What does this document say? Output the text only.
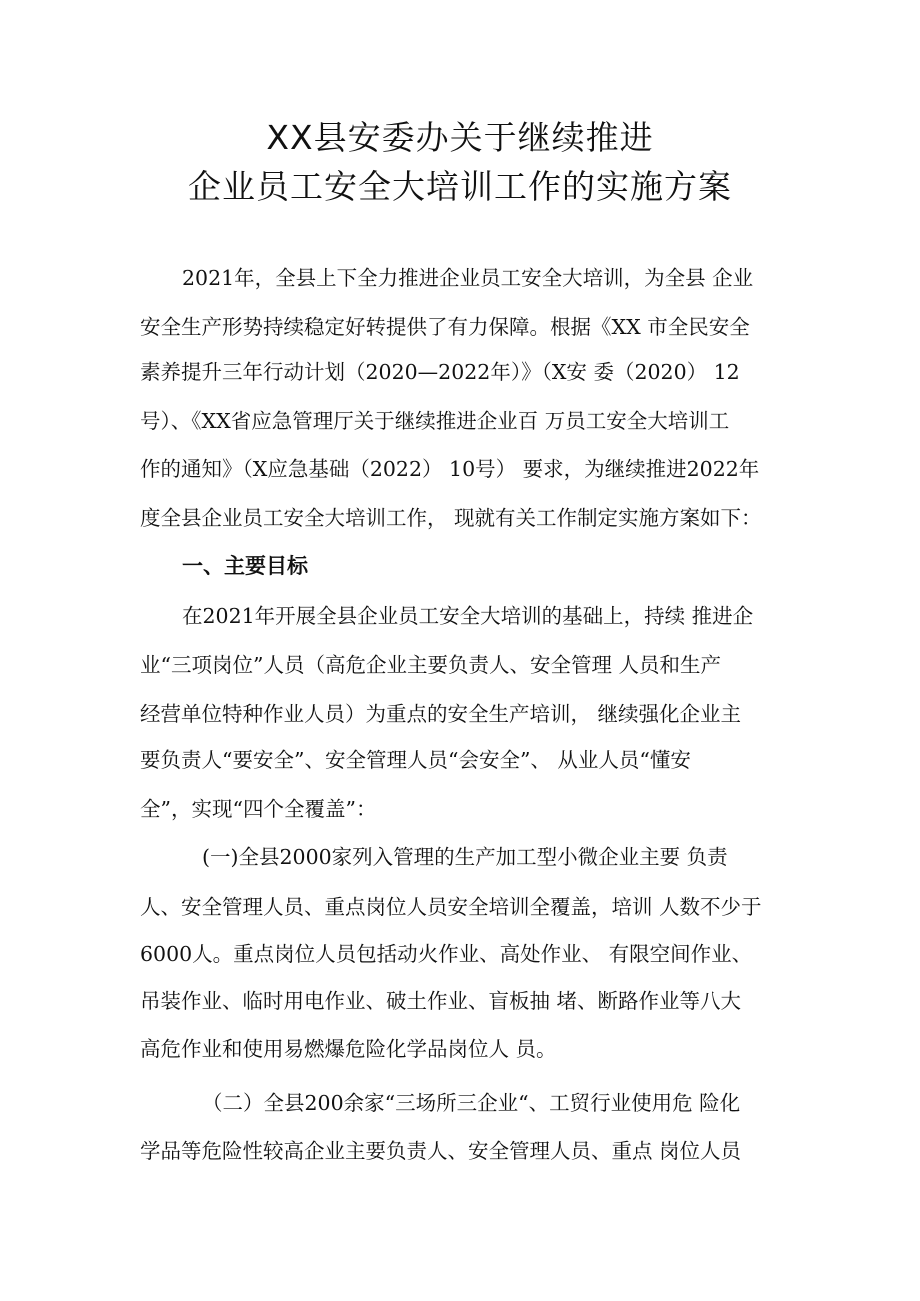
XX县安委办关于继续推进
企业员工安全大培训工作的实施方案
2021年，全县上下全力推进企业员工安全大培训，为全县 企业
安全生产形势持续稳定好转提供了有力保障。根据《XX 市全民安全
素养提升三年行动计划（2020—2022年）》（X安 委（2020） 12
号）、《XX省应急管理厅关于继续推进企业百 万员工安全大培训工
作的通知》（X应急基础（2022） 10号） 要求，为继续推进2022年
度全县企业员工安全大培训工作， 现就有关工作制定实施方案如下：
一、主要目标
在2021年开展全县企业员工安全大培训的基础上，持续 推进企
业“三项岗位”人员（高危企业主要负责人、安全管理 人员和生产
经营单位特种作业人员）为重点的安全生产培训， 继续强化企业主
要负责人“要安全”、安全管理人员“会安全”、 从业人员“懂安
全”，实现“四个全覆盖”：
(一)全县2000家列入管理的生产加工型小微企业主要 负责
人、安全管理人员、重点岗位人员安全培训全覆盖，培训 人数不少于
6000人。重点岗位人员包括动火作业、高处作业、 有限空间作业、
吊装作业、临时用电作业、破土作业、盲板抽 堵、断路作业等八大
高危作业和使用易燃爆危险化学品岗位人 员。
（二）全县200余家“三场所三企业“、工贸行业使用危 险化
学品等危险性较高企业主要负责人、安全管理人员、重点 岗位人员
